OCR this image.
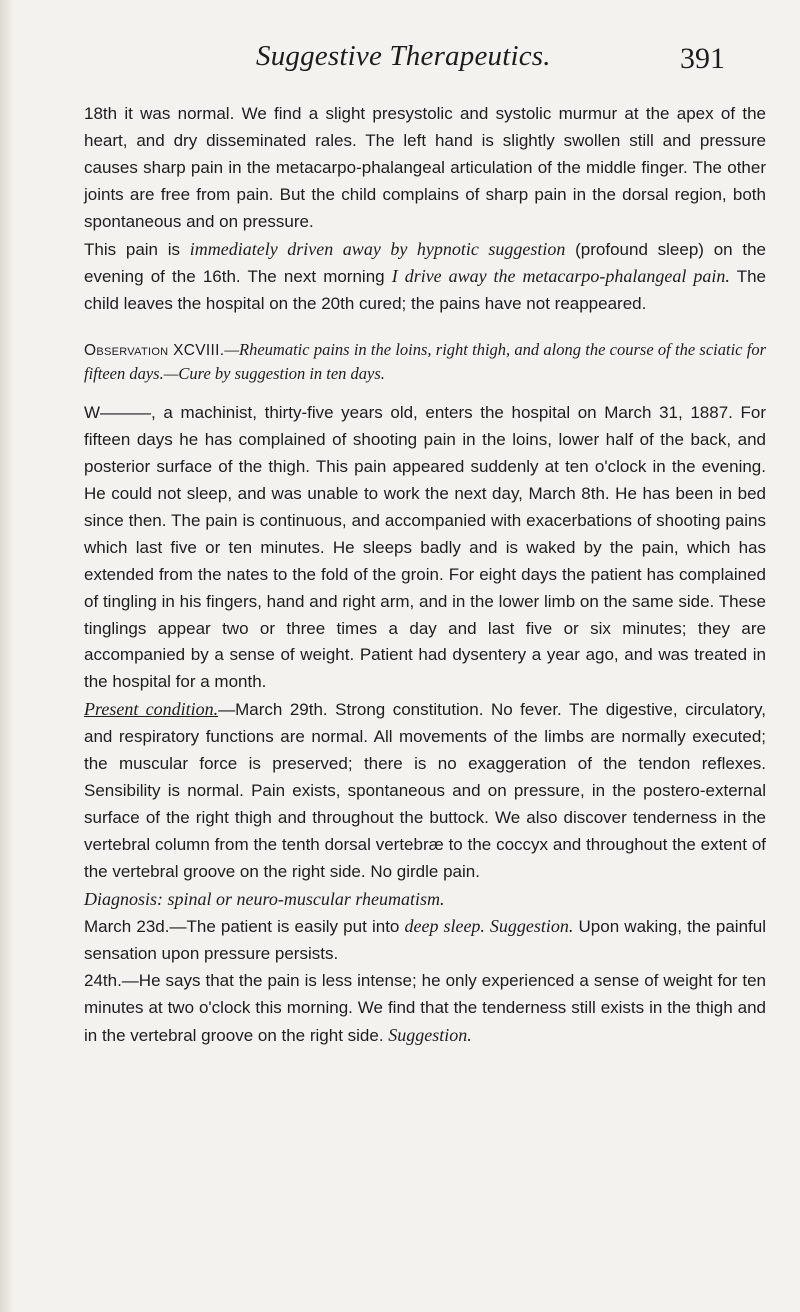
Suggestive Therapeutics.	391

18th it was normal. We find a slight presystolic and systolic murmur at the apex of the heart, and dry disseminated rales. The left hand is slightly swollen still and pressure causes sharp pain in the metacarpo-phalangeal articulation of the middle finger. The other joints are free from pain. But the child complains of sharp pain in the dorsal region, both spontaneous and on pressure.

This pain is immediately driven away by hypnotic suggestion (profound sleep) on the evening of the 16th. The next morning I drive away the metacarpo-phalangeal pain. The child leaves the hospital on the 20th cured; the pains have not reappeared.

Observation XCVIII.—Rheumatic pains in the loins, right thigh, and along the course of the sciatic for fifteen days.—Cure by suggestion in ten days.

W———, a machinist, thirty-five years old, enters the hospital on March 31, 1887. For fifteen days he has complained of shooting pain in the loins, lower half of the back, and posterior surface of the thigh. This pain appeared suddenly at ten o'clock in the evening. He could not sleep, and was unable to work the next day, March 8th. He has been in bed since then. The pain is continuous, and accompanied with exacerbations of shooting pains which last five or ten minutes. He sleeps badly and is waked by the pain, which has extended from the nates to the fold of the groin. For eight days the patient has complained of tingling in his fingers, hand and right arm, and in the lower limb on the same side. These tinglings appear two or three times a day and last five or six minutes; they are accompanied by a sense of weight. Patient had dysentery a year ago, and was treated in the hospital for a month.

Present condition.—March 29th. Strong constitution. No fever. The digestive, circulatory, and respiratory functions are normal. All movements of the limbs are normally executed; the muscular force is preserved; there is no exaggeration of the tendon reflexes. Sensibility is normal. Pain exists, spontaneous and on pressure, in the postero-external surface of the right thigh and throughout the buttock. We also discover tenderness in the vertebral column from the tenth dorsal vertebræ to the coccyx and throughout the extent of the vertebral groove on the right side. No girdle pain.

Diagnosis: spinal or neuro-muscular rheumatism.

March 23d.—The patient is easily put into deep sleep. Suggestion. Upon waking, the painful sensation upon pressure persists.

24th.—He says that the pain is less intense; he only experienced a sense of weight for ten minutes at two o'clock this morning. We find that the tenderness still exists in the thigh and in the vertebral groove on the right side. Suggestion.
